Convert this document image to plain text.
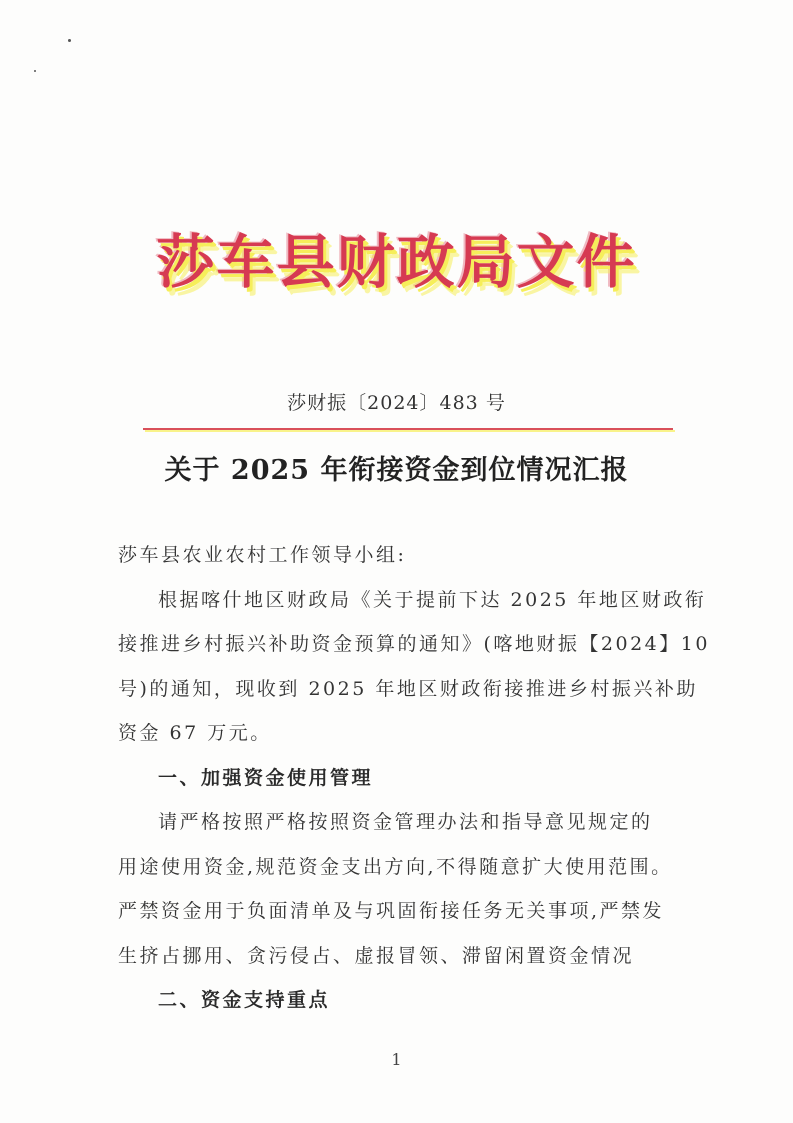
莎车县财政局文件
莎财振〔2024〕483 号
关于 2025 年衔接资金到位情况汇报

莎车县农业农村工作领导小组:

根据喀什地区财政局《关于提前下达 2025 年地区财政衔
接推进乡村振兴补助资金预算的通知》(喀地财振【2024】10
号)的通知，现收到 2025 年地区财政衔接推进乡村振兴补助
资金 67 万元。

一、加强资金使用管理

请严格按照严格按照资金管理办法和指导意见规定的
用途使用资金,规范资金支出方向,不得随意扩大使用范围。
严禁资金用于负面清单及与巩固衔接任务无关事项,严禁发
生挤占挪用、贪污侵占、虚报冒领、滞留闲置资金情况

二、资金支持重点

1
